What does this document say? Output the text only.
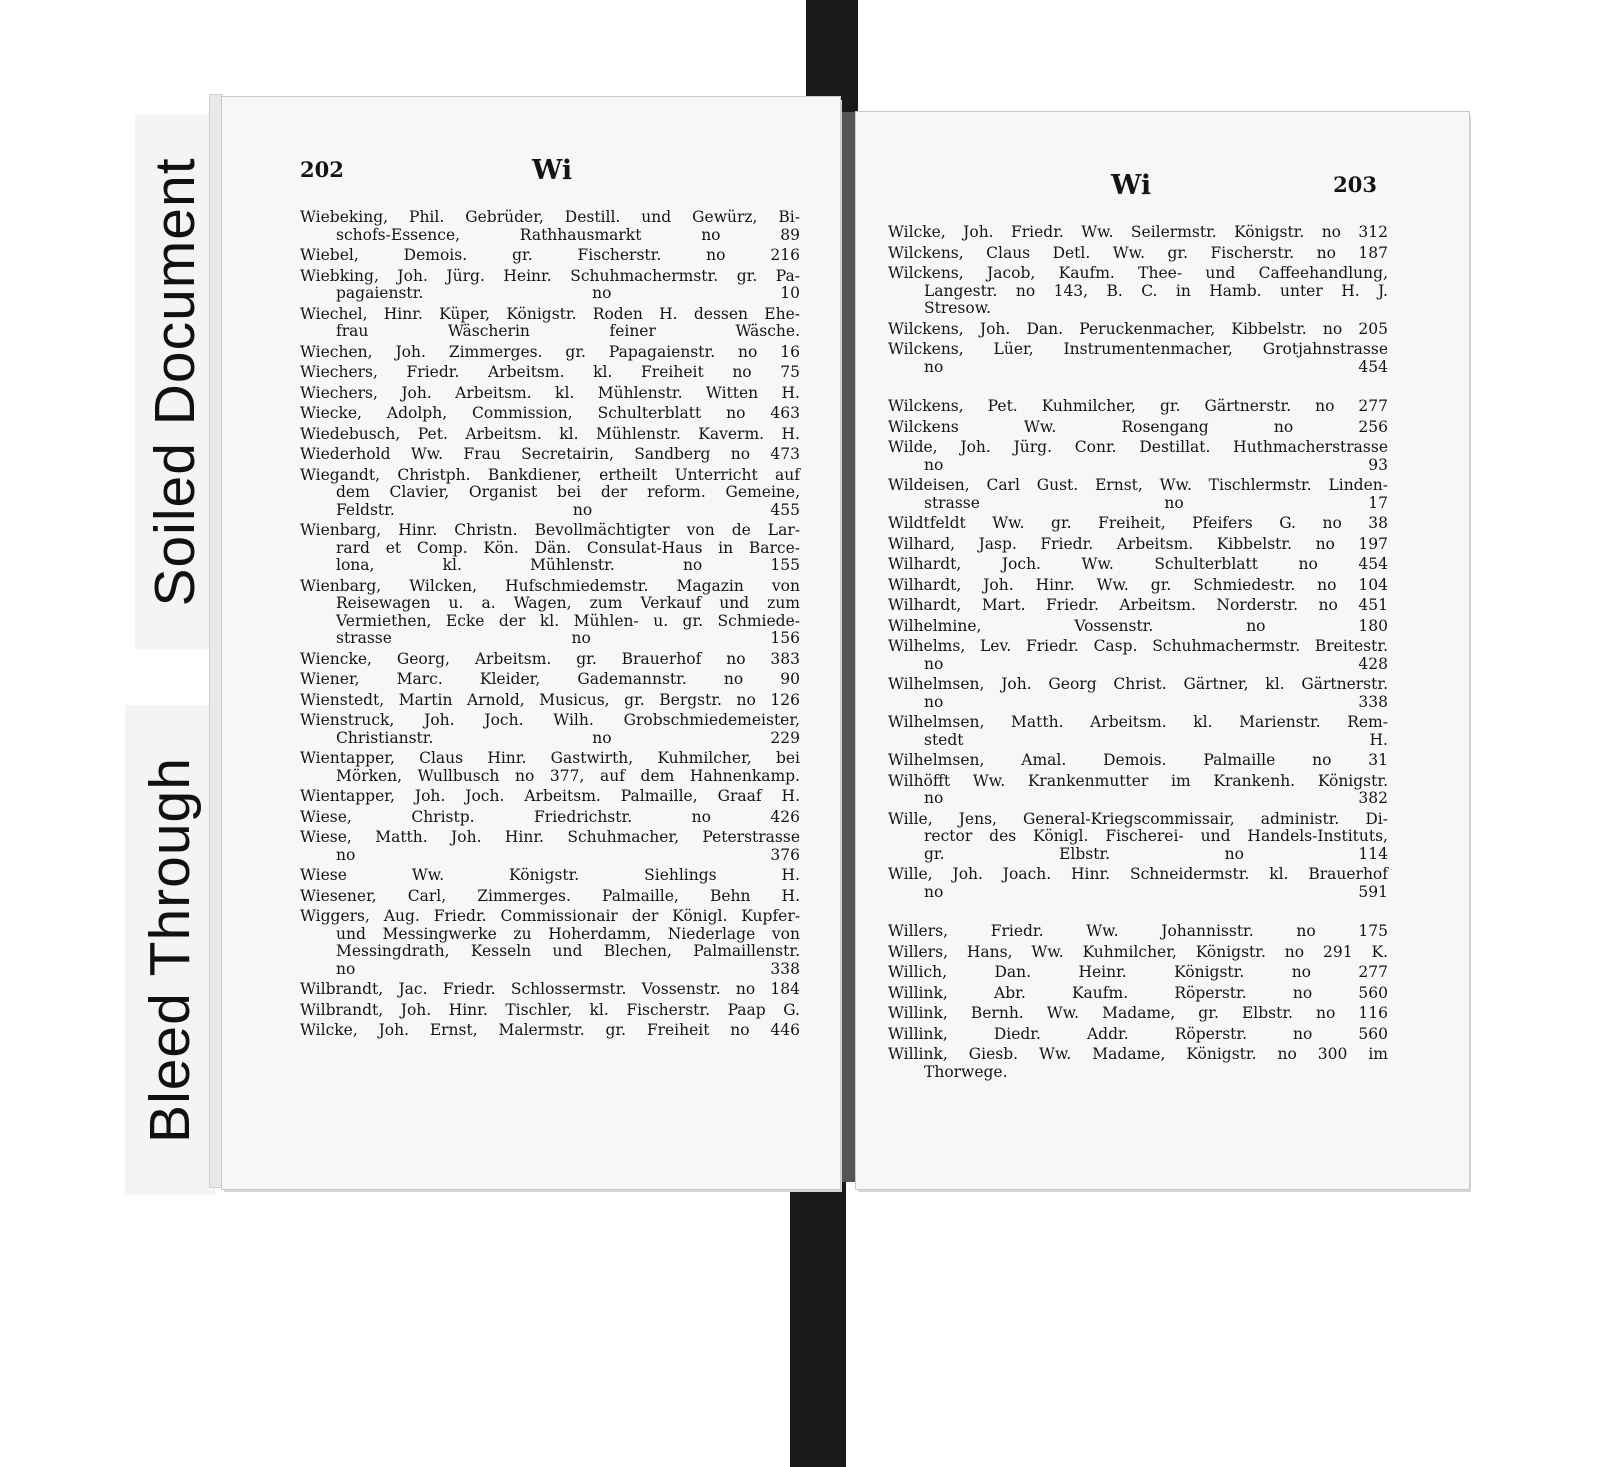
Soiled Document
Bleed Through
202	Wi
Wiebeking, Phil. Gebrüder, Destill. und Gewürz, Bi-
schofs-Essence, Rathhausmarkt no 89
Wiebel, Demois. gr. Fischerstr. no 216
Wiebking, Joh. Jürg. Heinr. Schuhmachermstr. gr. Pa-
pagaienstr. no 10
Wiechel, Hinr. Küper, Königstr. Roden H. dessen Ehe-
frau Wäscherin feiner Wäsche.
Wiechen, Joh. Zimmerges. gr. Papagaienstr. no 16
Wiechers, Friedr. Arbeitsm. kl. Freiheit no 75
Wiechers, Joh. Arbeitsm. kl. Mühlenstr. Witten H.
Wiecke, Adolph, Commission, Schulterblatt no 463
Wiedebusch, Pet. Arbeitsm. kl. Mühlenstr. Kaverm. H.
Wiederhold Ww. Frau Secretairin, Sandberg no 473
Wiegandt, Christph. Bankdiener, ertheilt Unterricht auf
dem Clavier, Organist bei der reform. Gemeine,
Feldstr. no 455
Wienbarg, Hinr. Christn. Bevollmächtigter von de Lar-
rard et Comp. Kön. Dän. Consulat-Haus in Barce-
lona, kl. Mühlenstr. no 155
Wienbarg, Wilcken, Hufschmiedemstr. Magazin von
Reisewagen u. a. Wagen, zum Verkauf und zum
Vermiethen, Ecke der kl. Mühlen- u. gr. Schmiede-
strasse no 156
Wiencke, Georg, Arbeitsm. gr. Brauerhof no 383
Wiener, Marc. Kleider, Gademannstr. no 90
Wienstedt, Martin Arnold, Musicus, gr. Bergstr. no 126
Wienstruck, Joh. Joch. Wilh. Grobschmiedemeister,
Christianstr. no 229
Wientapper, Claus Hinr. Gastwirth, Kuhmilcher, bei
Mörken, Wullbusch no 377, auf dem Hahnenkamp.
Wientapper, Joh. Joch. Arbeitsm. Palmaille, Graaf H.
Wiese, Christp. Friedrichstr. no 426
Wiese, Matth. Joh. Hinr. Schuhmacher, Peterstrasse
no 376
Wiese Ww. Königstr. Siehlings H.
Wiesener, Carl, Zimmerges. Palmaille, Behn H.
Wiggers, Aug. Friedr. Commissionair der Königl. Kupfer-
und Messingwerke zu Hoherdamm, Niederlage von
Messingdrath, Kesseln und Blechen, Palmaillenstr.
no 338
Wilbrandt, Jac. Friedr. Schlossermstr. Vossenstr. no 184
Wilbrandt, Joh. Hinr. Tischler, kl. Fischerstr. Paap G.
Wilcke, Joh. Ernst, Malermstr. gr. Freiheit no 446
Wi	203
Wilcke, Joh. Friedr. Ww. Seilermstr. Königstr. no 312
Wilckens, Claus Detl. Ww. gr. Fischerstr. no 187
Wilckens, Jacob, Kaufm. Thee- und Caffeehandlung,
Langestr. no 143, B. C. in Hamb. unter H. J.
Stresow.
Wilckens, Joh. Dan. Peruckenmacher, Kibbelstr. no 205
Wilckens, Lüer, Instrumentenmacher, Grotjahnstrasse
no 454
Wilckens, Pet. Kuhmilcher, gr. Gärtnerstr. no 277
Wilckens Ww. Rosengang no 256
Wilde, Joh. Jürg. Conr. Destillat. Huthmacherstrasse
no 93
Wildeisen, Carl Gust. Ernst, Ww. Tischlermstr. Linden-
strasse no 17
Wildtfeldt Ww. gr. Freiheit, Pfeifers G. no 38
Wilhard, Jasp. Friedr. Arbeitsm. Kibbelstr. no 197
Wilhardt, Joch. Ww. Schulterblatt no 454
Wilhardt, Joh. Hinr. Ww. gr. Schmiedestr. no 104
Wilhardt, Mart. Friedr. Arbeitsm. Norderstr. no 451
Wilhelmine, Vossenstr. no 180
Wilhelms, Lev. Friedr. Casp. Schuhmachermstr. Breitestr.
no 428
Wilhelmsen, Joh. Georg Christ. Gärtner, kl. Gärtnerstr.
no 338
Wilhelmsen, Matth. Arbeitsm. kl. Marienstr. Rem-
stedt H.
Wilhelmsen, Amal. Demois. Palmaille no 31
Wilhöfft Ww. Krankenmutter im Krankenh. Königstr.
no 382
Wille, Jens, General-Kriegscommissair, administr. Di-
rector des Königl. Fischerei- und Handels-Instituts,
gr. Elbstr. no 114
Wille, Joh. Joach. Hinr. Schneidermstr. kl. Brauerhof
no 591
Willers, Friedr. Ww. Johannisstr. no 175
Willers, Hans, Ww. Kuhmilcher, Königstr. no 291 K.
Willich, Dan. Heinr. Königstr. no 277
Willink, Abr. Kaufm. Röperstr. no 560
Willink, Bernh. Ww. Madame, gr. Elbstr. no 116
Willink, Diedr. Addr. Röperstr. no 560
Willink, Giesb. Ww. Madame, Königstr. no 300 im
Thorwege.
